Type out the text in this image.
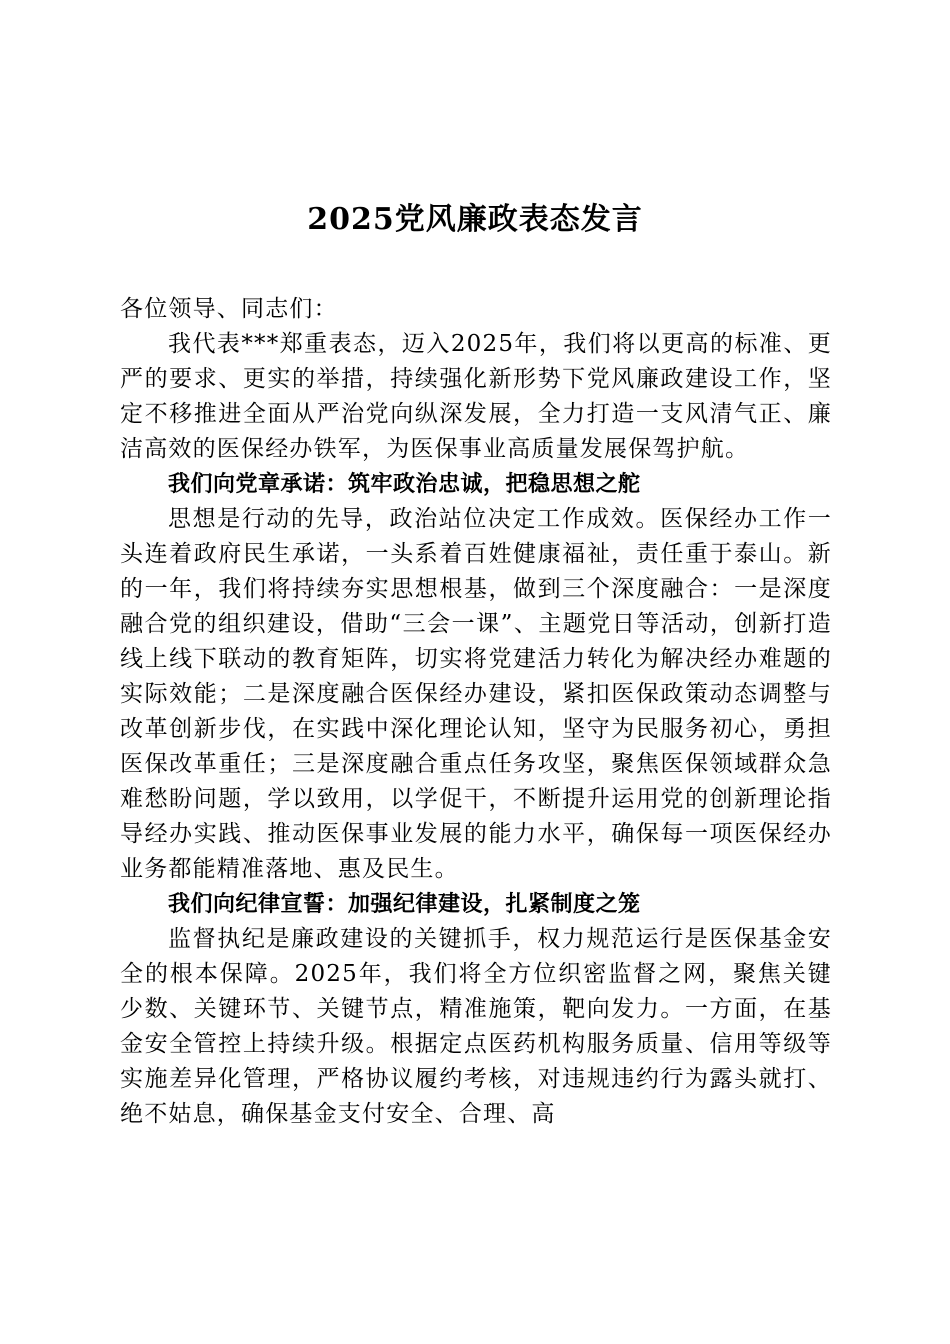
2025党风廉政表态发言

各位领导、同志们：

我代表***郑重表态，迈入2025年，我们将以更高的标准、更严的要求、更实的举措，持续强化新形势下党风廉政建设工作，坚定不移推进全面从严治党向纵深发展，全力打造一支风清气正、廉洁高效的医保经办铁军，为医保事业高质量发展保驾护航。

我们向党章承诺：筑牢政治忠诚，把稳思想之舵

思想是行动的先导，政治站位决定工作成效。医保经办工作一头连着政府民生承诺，一头系着百姓健康福祉，责任重于泰山。新的一年，我们将持续夯实思想根基，做到三个深度融合：一是深度融合党的组织建设，借助“三会一课”、主题党日等活动，创新打造线上线下联动的教育矩阵，切实将党建活力转化为解决经办难题的实际效能；二是深度融合医保经办建设，紧扣医保政策动态调整与改革创新步伐，在实践中深化理论认知，坚守为民服务初心，勇担医保改革重任；三是深度融合重点任务攻坚，聚焦医保领域群众急难愁盼问题，学以致用，以学促干，不断提升运用党的创新理论指导经办实践、推动医保事业发展的能力水平，确保每一项医保经办业务都能精准落地、惠及民生。

我们向纪律宣誓：加强纪律建设，扎紧制度之笼

监督执纪是廉政建设的关键抓手，权力规范运行是医保基金安全的根本保障。2025年，我们将全方位织密监督之网，聚焦关键少数、关键环节、关键节点，精准施策，靶向发力。一方面，在基金安全管控上持续升级。根据定点医药机构服务质量、信用等级等实施差异化管理，严格协议履约考核，对违规违约行为露头就打、绝不姑息，确保基金支付安全、合理、高
